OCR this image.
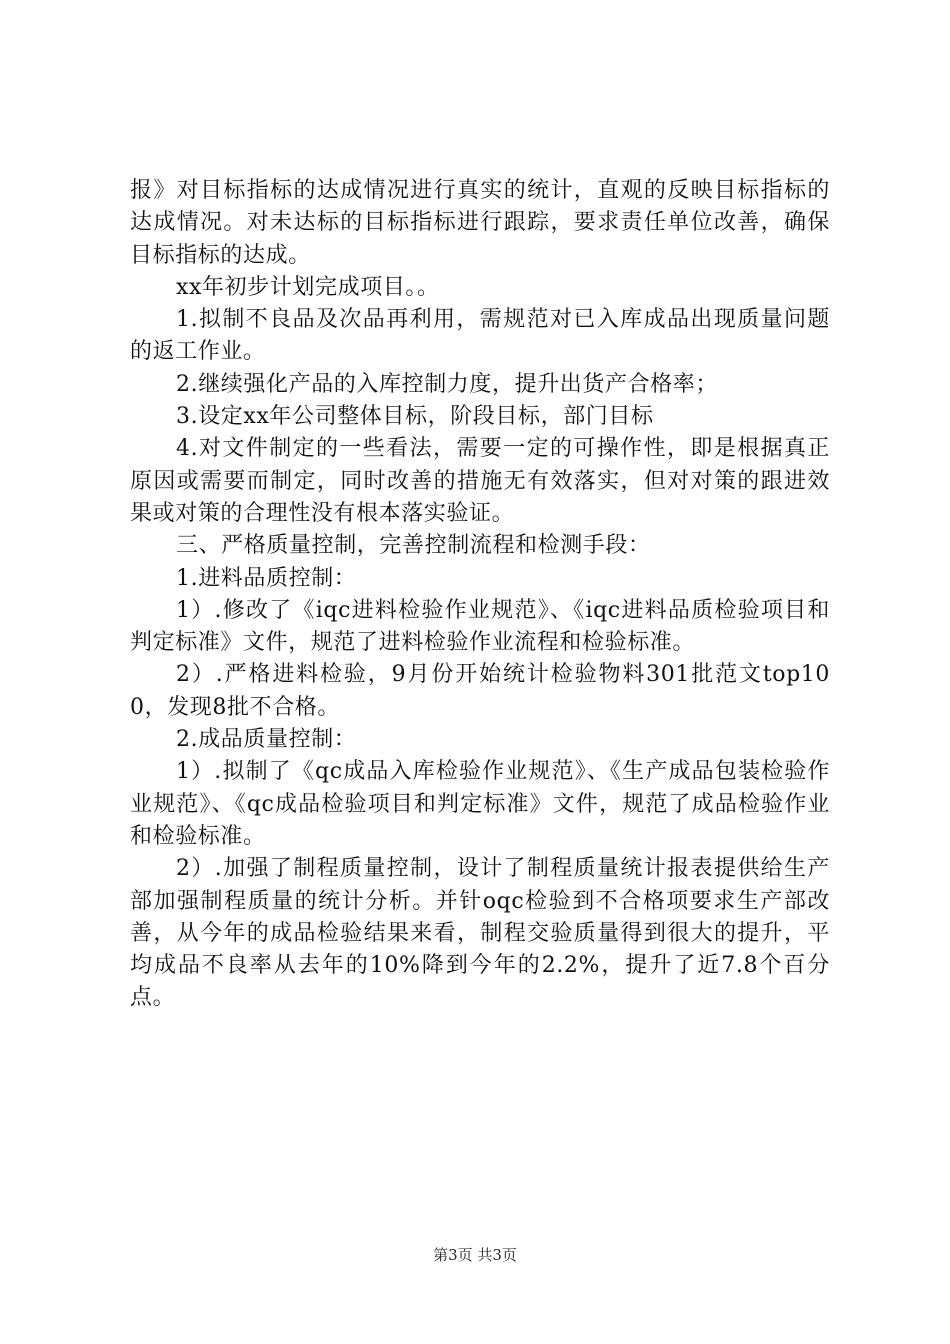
报》对目标指标的达成情况进行真实的统计，直观的反映目标指标的达成情况。对未达标的目标指标进行跟踪，要求责任单位改善，确保目标指标的达成。

xx年初步计划完成项目。。

1.拟制不良品及次品再利用，需规范对已入库成品出现质量问题的返工作业。

2.继续强化产品的入库控制力度，提升出货产合格率；

3.设定xx年公司整体目标，阶段目标，部门目标

4.对文件制定的一些看法，需要一定的可操作性，即是根据真正原因或需要而制定，同时改善的措施无有效落实，但对对策的跟进效果或对策的合理性没有根本落实验证。

三、严格质量控制，完善控制流程和检测手段：

1.进料品质控制：

1）.修改了《iqc进料检验作业规范》、《iqc进料品质检验项目和判定标准》文件，规范了进料检验作业流程和检验标准。

2）.严格进料检验，9月份开始统计检验物料301批范文top100，发现8批不合格。

2.成品质量控制：

1）.拟制了《qc成品入库检验作业规范》、《生产成品包装检验作业规范》、《qc成品检验项目和判定标准》文件，规范了成品检验作业和检验标准。

2）.加强了制程质量控制，设计了制程质量统计报表提供给生产部加强制程质量的统计分析。并针oqc检验到不合格项要求生产部改善，从今年的成品检验结果来看，制程交验质量得到很大的提升，平均成品不良率从去年的10%降到今年的2.2%，提升了近7.8个百分点。

第3页 共3页
